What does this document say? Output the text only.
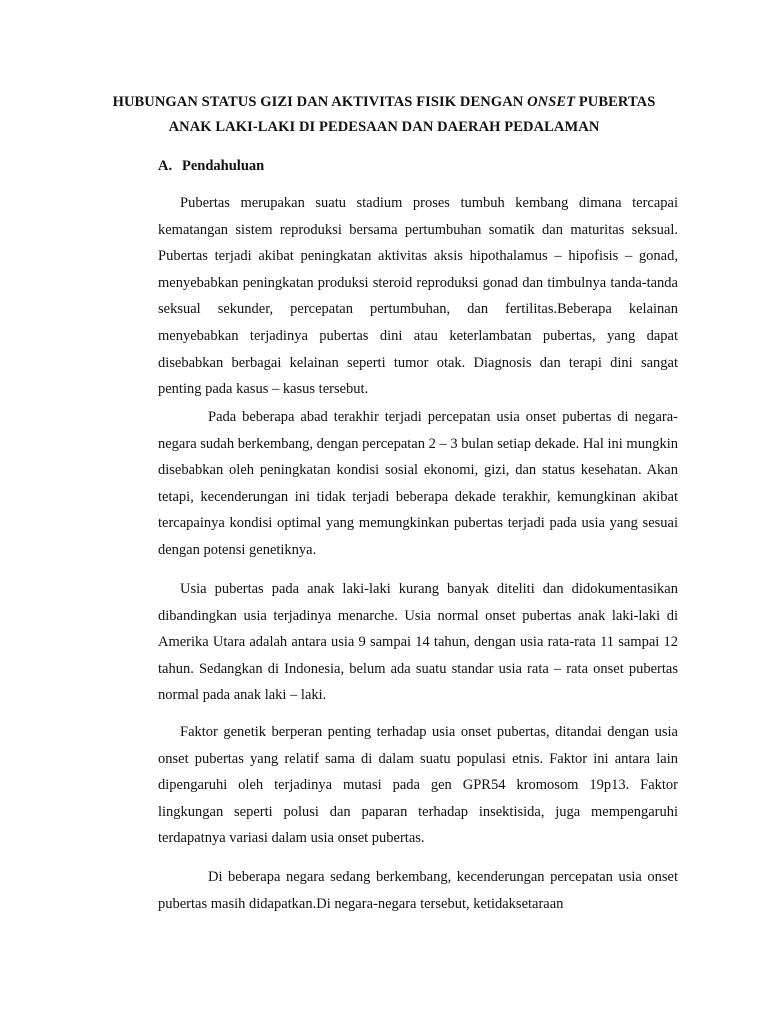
HUBUNGAN STATUS GIZI DAN AKTIVITAS FISIK DENGAN ONSET PUBERTAS
ANAK LAKI-LAKI DI PEDESAAN DAN DAERAH PEDALAMAN
A. Pendahuluan
Pubertas merupakan suatu stadium proses tumbuh kembang dimana tercapai kematangan sistem reproduksi bersama pertumbuhan somatik dan maturitas seksual. Pubertas terjadi akibat peningkatan aktivitas aksis hipothalamus – hipofisis – gonad, menyebabkan peningkatan produksi steroid reproduksi gonad dan timbulnya tanda-tanda seksual sekunder, percepatan pertumbuhan, dan fertilitas.Beberapa kelainan menyebabkan terjadinya pubertas dini atau keterlambatan pubertas, yang dapat disebabkan berbagai kelainan seperti tumor otak. Diagnosis dan terapi dini sangat penting pada kasus – kasus tersebut.
Pada beberapa abad terakhir terjadi percepatan usia onset pubertas di negara-negara sudah berkembang, dengan percepatan 2 – 3 bulan setiap dekade. Hal ini mungkin disebabkan oleh peningkatan kondisi sosial ekonomi, gizi, dan status kesehatan. Akan tetapi, kecenderungan ini tidak terjadi beberapa dekade terakhir, kemungkinan akibat tercapainya kondisi optimal yang memungkinkan pubertas terjadi pada usia yang sesuai dengan potensi genetiknya.
Usia pubertas pada anak laki-laki kurang banyak diteliti dan didokumentasikan dibandingkan usia terjadinya menarche. Usia normal onset pubertas anak laki-laki di Amerika Utara adalah antara usia 9 sampai 14 tahun, dengan usia rata-rata 11 sampai 12 tahun. Sedangkan di Indonesia, belum ada suatu standar usia rata – rata onset pubertas normal pada anak laki – laki.
Faktor genetik berperan penting terhadap usia onset pubertas, ditandai dengan usia onset pubertas yang relatif sama di dalam suatu populasi etnis. Faktor ini antara lain dipengaruhi oleh terjadinya mutasi pada gen GPR54 kromosom 19p13. Faktor lingkungan seperti polusi dan paparan terhadap insektisida, juga mempengaruhi terdapatnya variasi dalam usia onset pubertas.
Di beberapa negara sedang berkembang, kecenderungan percepatan usia onset pubertas masih didapatkan.Di negara-negara tersebut, ketidaksetaraan
